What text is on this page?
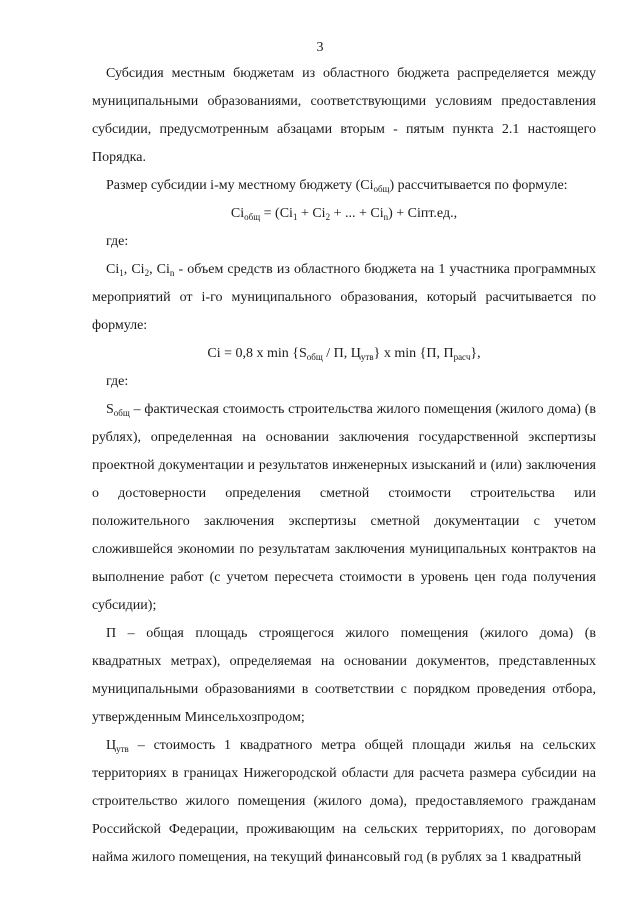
3

Субсидия местным бюджетам из областного бюджета распределяется между муниципальными образованиями, соответствующими условиям предоставления субсидии, предусмотренным абзацами вторым - пятым пункта 2.1 настоящего Порядка.

Размер субсидии i-му местному бюджету $(Ci_{общ})$ рассчитывается по формуле:

$Ci_{общ} = (Ci_1 + Ci_2$ + ... + $Ci_n$) + Ciпт.ед.,

где:

$Ci_1$, $Ci_2$, $Ci_n$ - объем средств из областного бюджета на 1 участника программных мероприятий от i-го муниципального образования, который расчитывается по формуле:

Ci = 0,8 x $\min \{S_{общ}$ / П, $Ц_{утв}$} x min {П, $П_{расч}$},

где:

$S_{общ}$ – фактическая стоимость строительства жилого помещения (жилого дома) (в рублях), определенная на основании заключения государственной экспертизы проектной документации и результатов инженерных изысканий и (или) заключения о достоверности определения сметной стоимости строительства или положительного заключения экспертизы сметной документации с учетом сложившейся экономии по результатам заключения муниципальных контрактов на выполнение работ (с учетом пересчета стоимости в уровень цен года получения субсидии);

П – общая площадь строящегося жилого помещения (жилого дома) (в квадратных метрах), определяемая на основании документов, представленных муниципальными образованиями в соответствии с порядком проведения отбора, утвержденным Минсельхозпродом;

$Ц_{утв}$ – стоимость 1 квадратного метра общей площади жилья на сельских территориях в границах Нижегородской области для расчета размера субсидии на строительство жилого помещения (жилого дома), предоставляемого гражданам Российской Федерации, проживающим на сельских территориях, по договорам найма жилого помещения, на текущий финансовый год (в рублях за 1 квадратный
